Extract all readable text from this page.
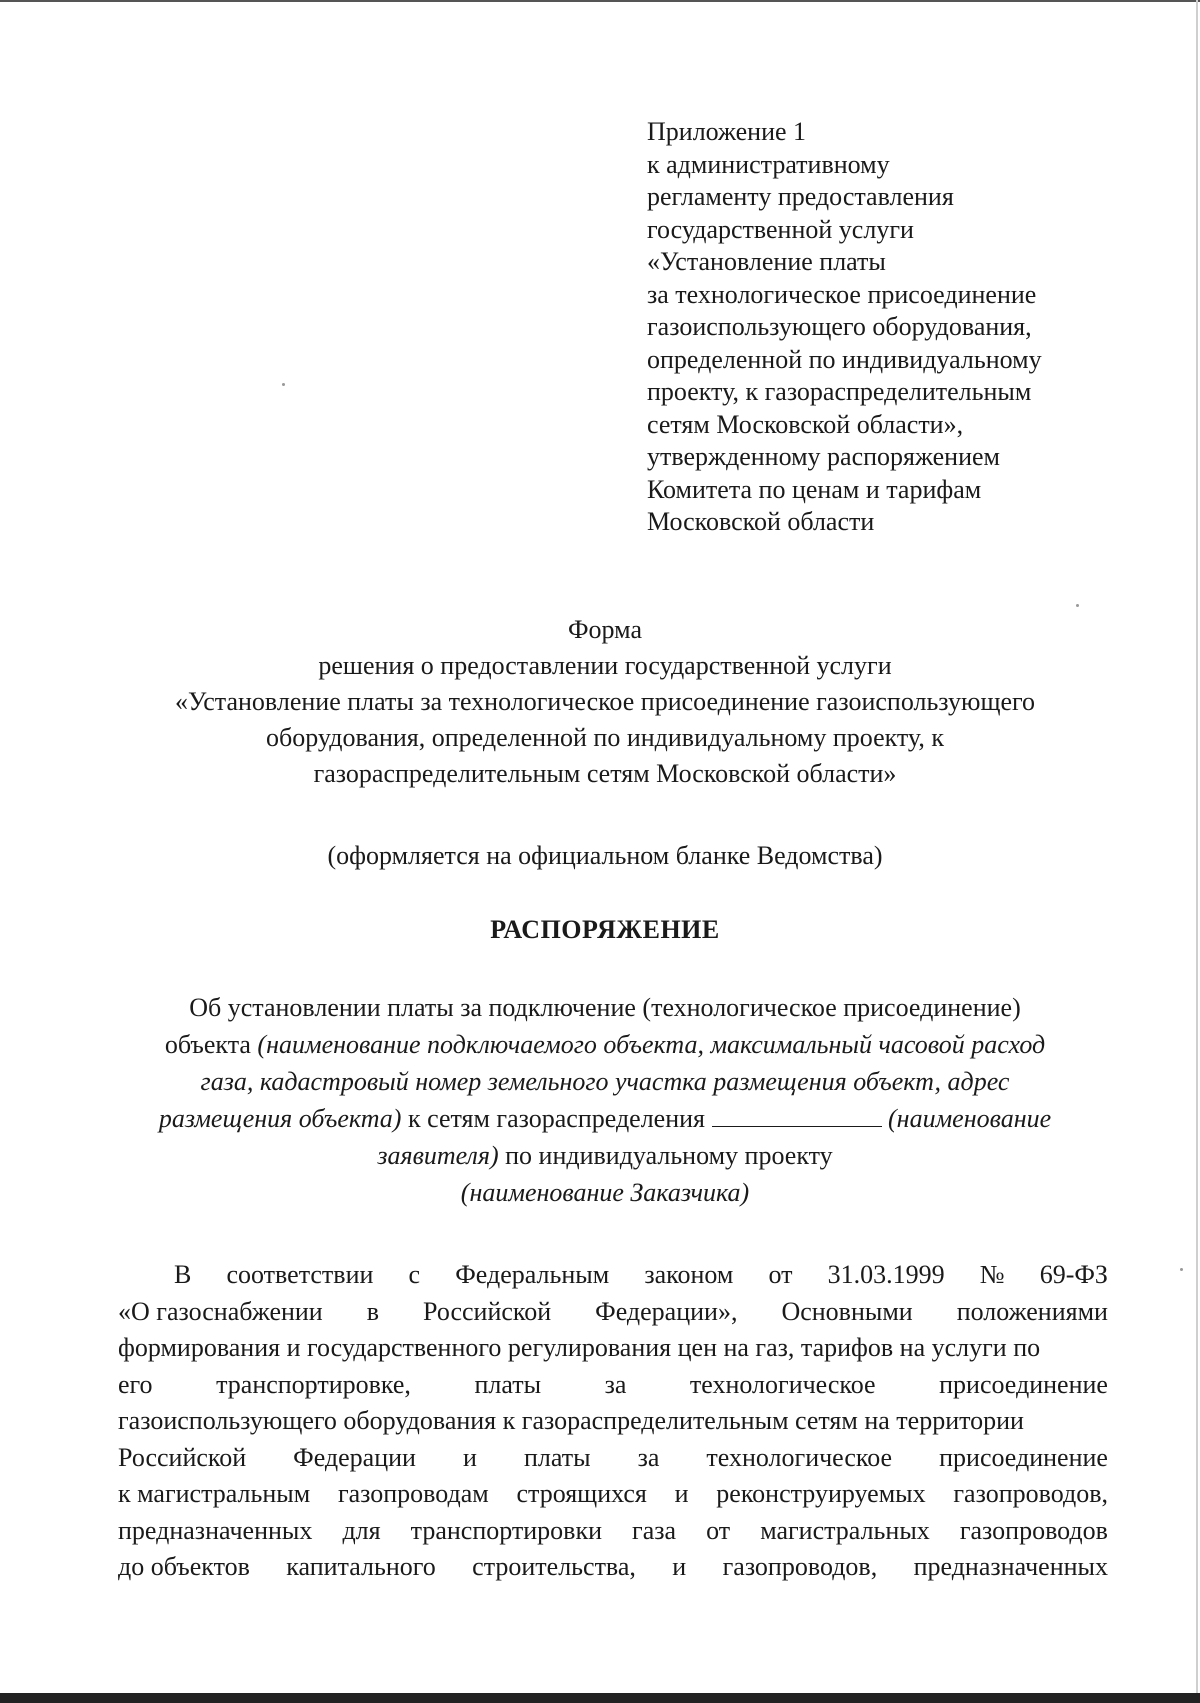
Приложение 1
к административному
регламенту предоставления
государственной услуги
«Установление платы
за технологическое присоединение
газоиспользующего оборудования,
определенной по индивидуальному
проекту, к газораспределительным
сетям Московской области»,
утвержденному распоряжением
Комитета по ценам и тарифам
Московской области
Форма
решения о предоставлении государственной услуги
«Установление платы за технологическое присоединение газоиспользующего
оборудования, определенной по индивидуальному проекту, к
газораспределительным сетям Московской области»
(оформляется на официальном бланке Ведомства)
РАСПОРЯЖЕНИЕ
Об установлении платы за подключение (технологическое присоединение)
объекта (наименование подключаемого объекта, максимальный часовой расход
газа, кадастровый номер земельного участка размещения объект, адрес
размещения объекта) к сетям газораспределения	(наименование
заявителя) по индивидуальному проекту
(наименование Заказчика)
В соответствии с Федеральным законом от 31.03.1999 № 69-ФЗ
«О газоснабжении в Российской Федерации», Основными положениями
формирования и государственного регулирования цен на газ, тарифов на услуги по
его транспортировке, платы за технологическое присоединение
газоиспользующего оборудования к газораспределительным сетям на территории
Российской Федерации и платы за технологическое присоединение
к магистральным газопроводам строящихся и реконструируемых газопроводов,
предназначенных для транспортировки газа от магистральных газопроводов
до объектов капитального строительства, и газопроводов, предназначенных
